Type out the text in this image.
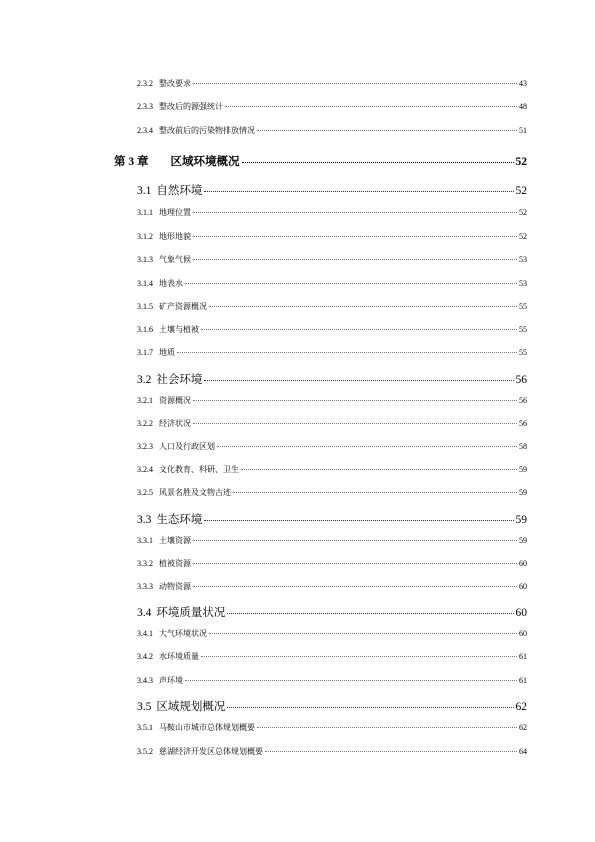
2.3.2 整改要求	43
2.3.3 整改后的源强统计	48
2.3.4 整改前后的污染物排放情况	51
第 3 章 区域环境概况	52
3.1 自然环境	52
3.1.1 地理位置	52
3.1.2 地形地貌	52
3.1.3 气象气候	53
3.1.4 地表水	53
3.1.5 矿产资源概况	55
3.1.6 土壤与植被	55
3.1.7 地质	55
3.2 社会环境	56
3.2.1 资源概况	56
3.2.2 经济状况	56
3.2.3 人口及行政区划	58
3.2.4 文化教育、科研、卫生	59
3.2.5 风景名胜及文物古迹	59
3.3 生态环境	59
3.3.1 土壤资源	59
3.3.2 植被资源	60
3.3.3 动物资源	60
3.4 环境质量状况	60
3.4.1 大气环境状况	60
3.4.2 水环境质量	61
3.4.3 声环境	61
3.5 区域规划概况	62
3.5.1 马鞍山市城市总体规划概要	62
3.5.2 慈湖经济开发区总体规划概要	64
